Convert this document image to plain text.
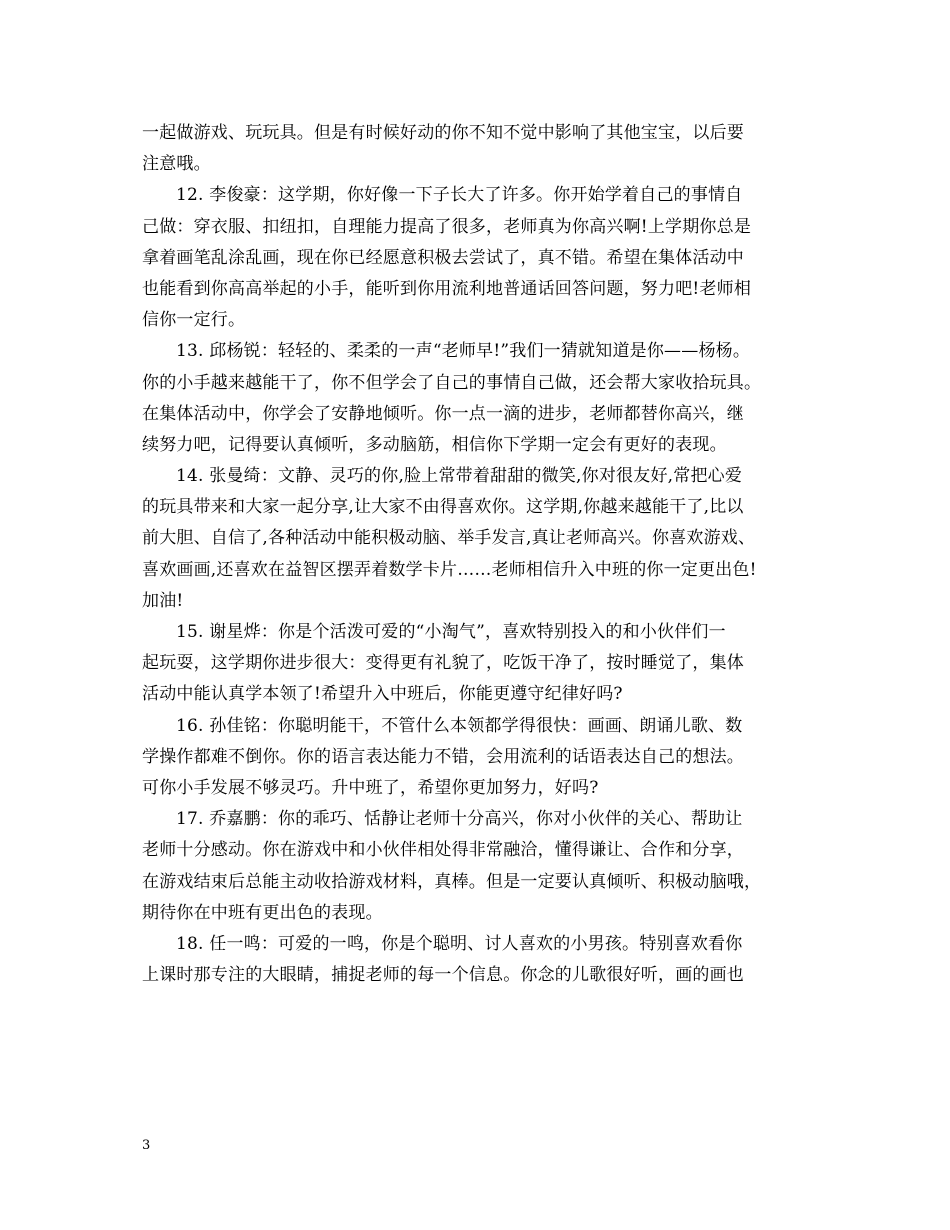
一起做游戏、玩玩具。但是有时候好动的你不知不觉中影响了其他宝宝，以后要
注意哦。
12. 李俊豪：这学期，你好像一下子长大了许多。你开始学着自己的事情自
己做：穿衣服、扣纽扣，自理能力提高了很多，老师真为你高兴啊!上学期你总是
拿着画笔乱涂乱画，现在你已经愿意积极去尝试了，真不错。希望在集体活动中
也能看到你高高举起的小手，能听到你用流利地普通话回答问题，努力吧!老师相
信你一定行。
13. 邱杨锐：轻轻的、柔柔的一声“老师早!”我们一猜就知道是你——杨杨。
你的小手越来越能干了，你不但学会了自己的事情自己做，还会帮大家收拾玩具。
在集体活动中，你学会了安静地倾听。你一点一滴的进步，老师都替你高兴，继
续努力吧，记得要认真倾听，多动脑筋，相信你下学期一定会有更好的表现。
14. 张曼绮：文静、灵巧的你,脸上常带着甜甜的微笑,你对很友好,常把心爱
的玩具带来和大家一起分享,让大家不由得喜欢你。这学期,你越来越能干了,比以
前大胆、自信了,各种活动中能积极动脑、举手发言,真让老师高兴。你喜欢游戏、
喜欢画画,还喜欢在益智区摆弄着数学卡片……老师相信升入中班的你一定更出色!
加油!
15. 谢星烨：你是个活泼可爱的“小淘气”，喜欢特别投入的和小伙伴们一
起玩耍，这学期你进步很大：变得更有礼貌了，吃饭干净了，按时睡觉了，集体
活动中能认真学本领了!希望升入中班后，你能更遵守纪律好吗?
16. 孙佳铭：你聪明能干，不管什么本领都学得很快：画画、朗诵儿歌、数
学操作都难不倒你。你的语言表达能力不错，会用流利的话语表达自己的想法。
可你小手发展不够灵巧。升中班了，希望你更加努力，好吗?
17. 乔嘉鹏：你的乖巧、恬静让老师十分高兴，你对小伙伴的关心、帮助让
老师十分感动。你在游戏中和小伙伴相处得非常融洽，懂得谦让、合作和分享，
在游戏结束后总能主动收拾游戏材料，真棒。但是一定要认真倾听、积极动脑哦，
期待你在中班有更出色的表现。
18. 任一鸣：可爱的一鸣，你是个聪明、讨人喜欢的小男孩。特别喜欢看你
上课时那专注的大眼睛，捕捉老师的每一个信息。你念的儿歌很好听，画的画也
3
